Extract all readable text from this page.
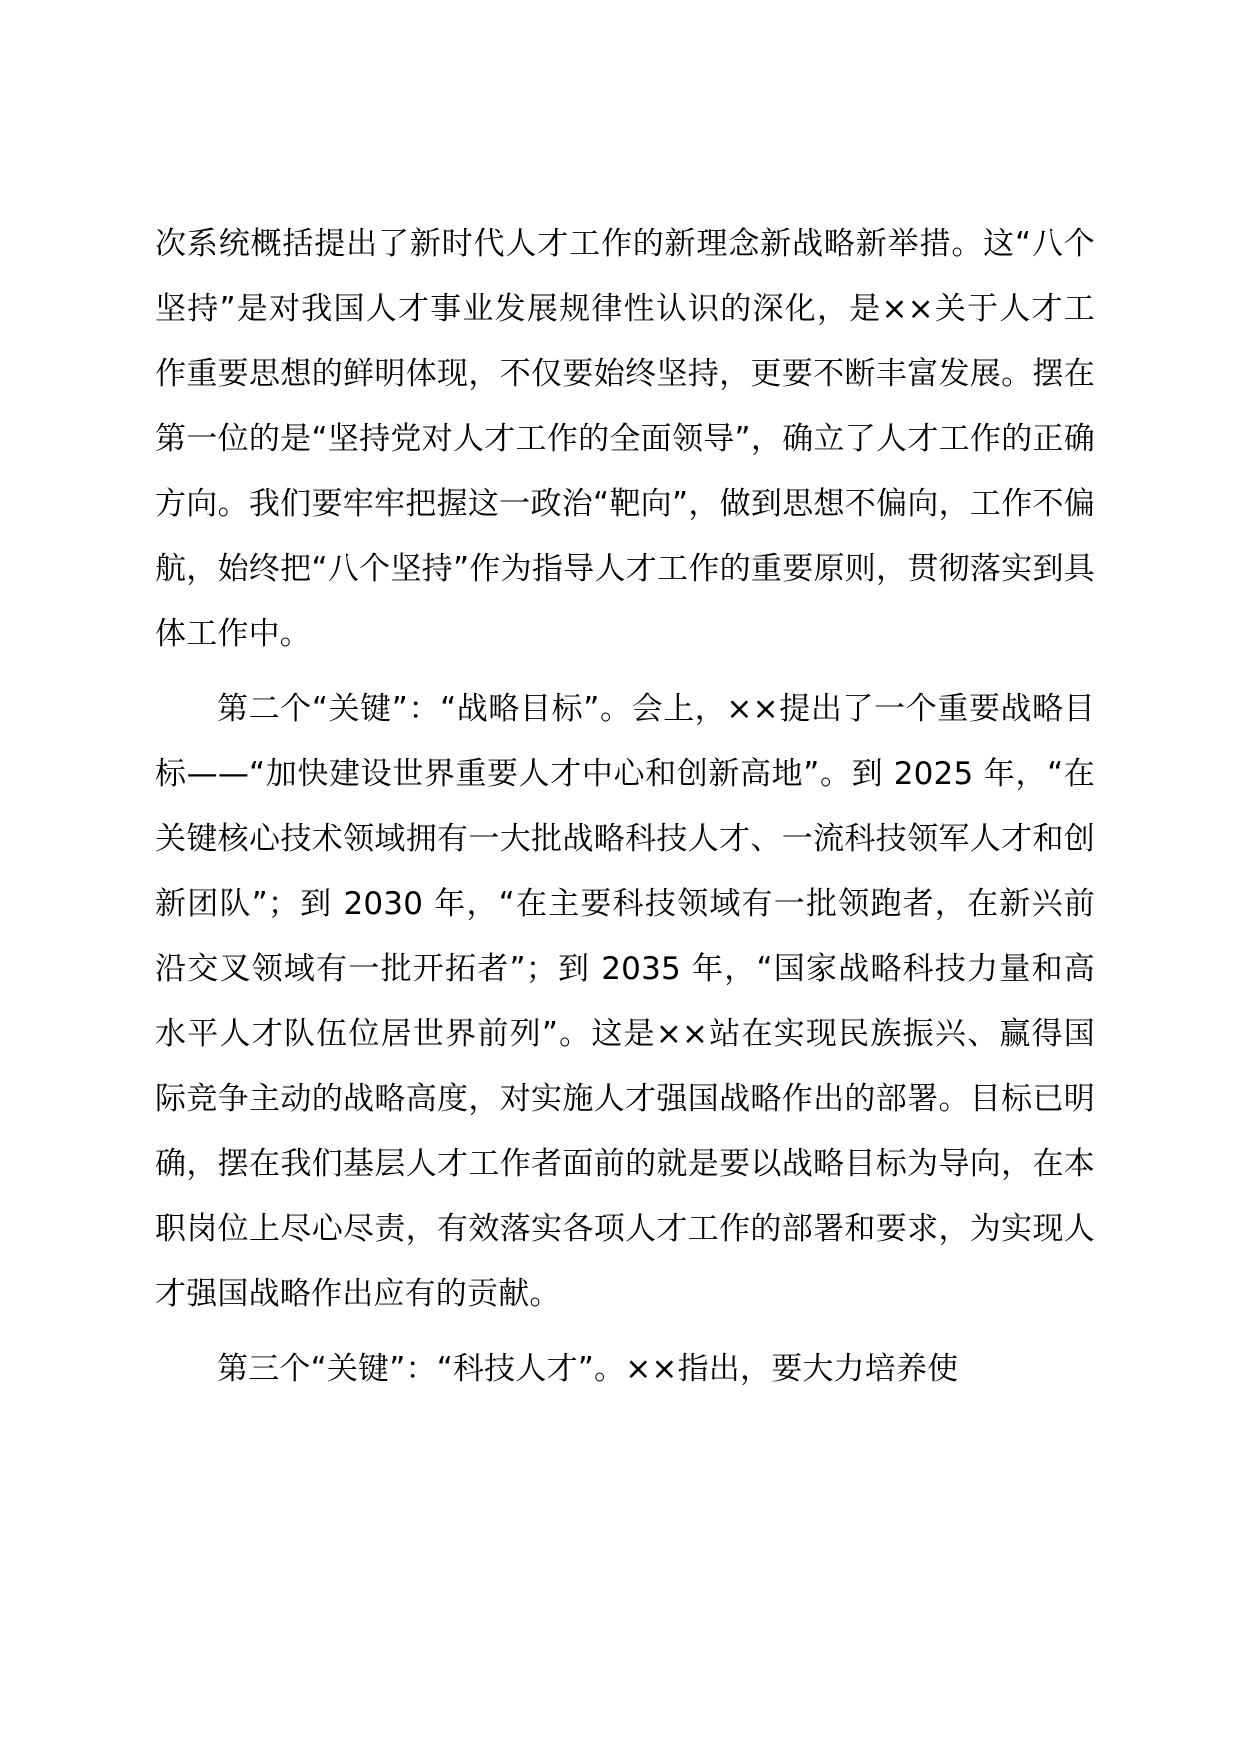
次系统概括提出了新时代人才工作的新理念新战略新举措。这“八个坚持”是对我国人才事业发展规律性认识的深化，是××关于人才工作重要思想的鲜明体现，不仅要始终坚持，更要不断丰富发展。摆在第一位的是“坚持党对人才工作的全面领导”，确立了人才工作的正确方向。我们要牢牢把握这一政治“靶向”，做到思想不偏向，工作不偏航，始终把“八个坚持”作为指导人才工作的重要原则，贯彻落实到具体工作中。

第二个“关键”：“战略目标”。会上，××提出了一个重要战略目标——“加快建设世界重要人才中心和创新高地”。到 2025 年，“在关键核心技术领域拥有一大批战略科技人才、一流科技领军人才和创新团队”；到 2030 年，“在主要科技领域有一批领跑者，在新兴前沿交叉领域有一批开拓者”；到 2035 年，“国家战略科技力量和高水平人才队伍位居世界前列”。这是××站在实现民族振兴、赢得国际竞争主动的战略高度，对实施人才强国战略作出的部署。目标已明确，摆在我们基层人才工作者面前的就是要以战略目标为导向，在本职岗位上尽心尽责，有效落实各项人才工作的部署和要求，为实现人才强国战略作出应有的贡献。

第三个“关键”：“科技人才”。××指出，要大力培养使
